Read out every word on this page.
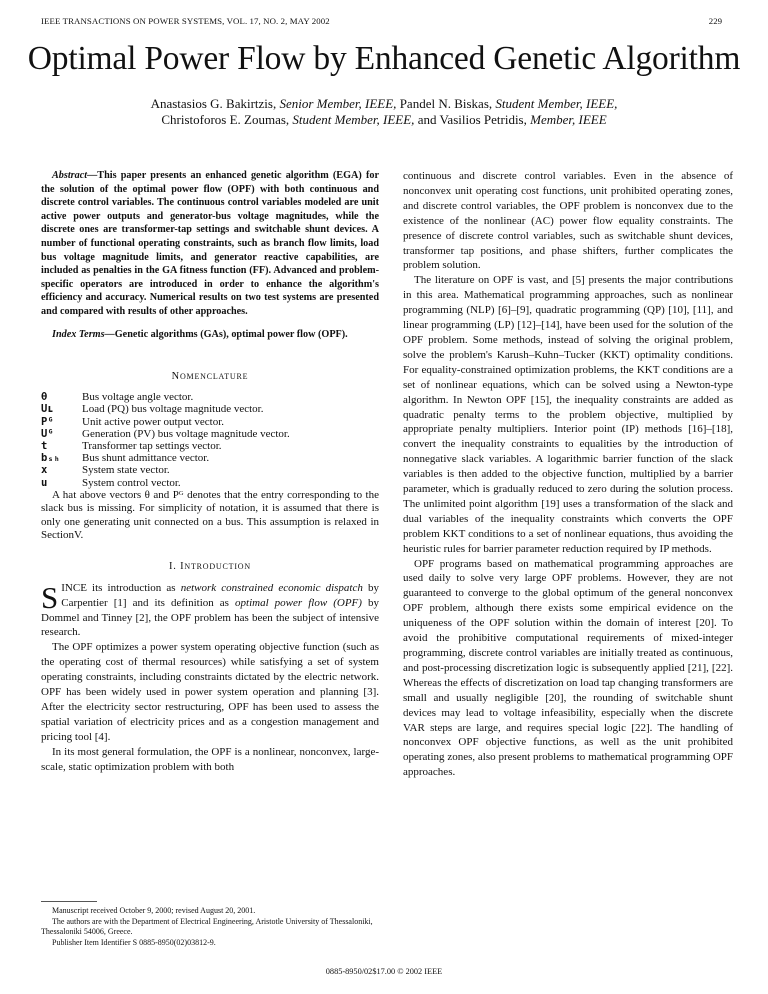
IEEE TRANSACTIONS ON POWER SYSTEMS, VOL. 17, NO. 2, MAY 2002	229
Optimal Power Flow by Enhanced Genetic Algorithm
Anastasios G. Bakirtzis, Senior Member, IEEE, Pandel N. Biskas, Student Member, IEEE,
Christoforos E. Zoumas, Student Member, IEEE, and Vasilios Petridis, Member, IEEE

Abstract—This paper presents an enhanced genetic algorithm (EGA) for the solution of the optimal power flow (OPF) with both continuous and discrete control variables. The continuous control variables modeled are unit active power outputs and generator-bus voltage magnitudes, while the discrete ones are transformer-tap settings and switchable shunt devices. A number of functional operating constraints, such as branch flow limits, load bus voltage magnitude limits, and generator reactive capabilities, are included as penalties in the GA fitness function (FF). Advanced and problem-specific operators are introduced in order to enhance the algorithm's efficiency and accuracy. Numerical results on two test systems are presented and compared with results of other approaches.

Index Terms—Genetic algorithms (GAs), optimal power flow (OPF).

NOMENCLATURE

θ	Bus voltage angle vector.
Uʟ	Load (PQ) bus voltage magnitude vector.
Pᴳ	Unit active power output vector.
Uᴳ	Generation (PV) bus voltage magnitude vector.
t	Transformer tap settings vector.
bₛₕ	Bus shunt admittance vector.
x	System state vector.
u	System control vector.

A hat above vectors θ and Pᴳ denotes that the entry corresponding to the slack bus is missing. For simplicity of notation, it is assumed that there is only one generating unit connected on a bus. This assumption is relaxed in SectionV.

I. INTRODUCTION

SINCE its introduction as network constrained economic dispatch by Carpentier [1] and its definition as optimal power flow (OPF) by Dommel and Tinney [2], the OPF problem has been the subject of intensive research.

The OPF optimizes a power system operating objective function (such as the operating cost of thermal resources) while satisfying a set of system operating constraints, including constraints dictated by the electric network. OPF has been widely used in power system operation and planning [3]. After the electricity sector restructuring, OPF has been used to assess the spatial variation of electricity prices and as a congestion management and pricing tool [4].

In its most general formulation, the OPF is a nonlinear, nonconvex, large-scale, static optimization problem with both

continuous and discrete control variables. Even in the absence of nonconvex unit operating cost functions, unit prohibited operating zones, and discrete control variables, the OPF problem is nonconvex due to the existence of the nonlinear (AC) power flow equality constraints. The presence of discrete control variables, such as switchable shunt devices, transformer tap positions, and phase shifters, further complicates the problem solution.

The literature on OPF is vast, and [5] presents the major contributions in this area. Mathematical programming approaches, such as nonlinear programming (NLP) [6]–[9], quadratic programming (QP) [10], [11], and linear programming (LP) [12]–[14], have been used for the solution of the OPF problem. Some methods, instead of solving the original problem, solve the problem's Karush–Kuhn–Tucker (KKT) optimality conditions. For equality-constrained optimization problems, the KKT conditions are a set of nonlinear equations, which can be solved using a Newton-type algorithm. In Newton OPF [15], the inequality constraints are added as quadratic penalty terms to the problem objective, multiplied by appropriate penalty multipliers. Interior point (IP) methods [16]–[18], convert the inequality constraints to equalities by the introduction of nonnegative slack variables. A logarithmic barrier function of the slack variables is then added to the objective function, multiplied by a barrier parameter, which is gradually reduced to zero during the solution process. The unlimited point algorithm [19] uses a transformation of the slack and dual variables of the inequality constraints which converts the OPF problem KKT conditions to a set of nonlinear equations, thus avoiding the heuristic rules for barrier parameter reduction required by IP methods.

OPF programs based on mathematical programming approaches are used daily to solve very large OPF problems. However, they are not guaranteed to converge to the global optimum of the general nonconvex OPF problem, although there exists some empirical evidence on the uniqueness of the OPF solution within the domain of interest [20]. To avoid the prohibitive computational requirements of mixed-integer programming, discrete control variables are initially treated as continuous, and post-processing discretization logic is subsequently applied [21], [22]. Whereas the effects of discretization on load tap changing transformers are small and usually negligible [20], the rounding of switchable shunt devices may lead to voltage infeasibility, especially when the discrete VAR steps are large, and requires special logic [22]. The handling of nonconvex OPF objective functions, as well as the unit prohibited operating zones, also present problems to mathematical programming OPF approaches.

Manuscript received October 9, 2000; revised August 20, 2001.

The authors are with the Department of Electrical Engineering, Aristotle University of Thessaloniki, Thessaloniki 54006, Greece.

Publisher Item Identifier S 0885-8950(02)03812-9.

0885-8950/02$17.00 © 2002 IEEE
